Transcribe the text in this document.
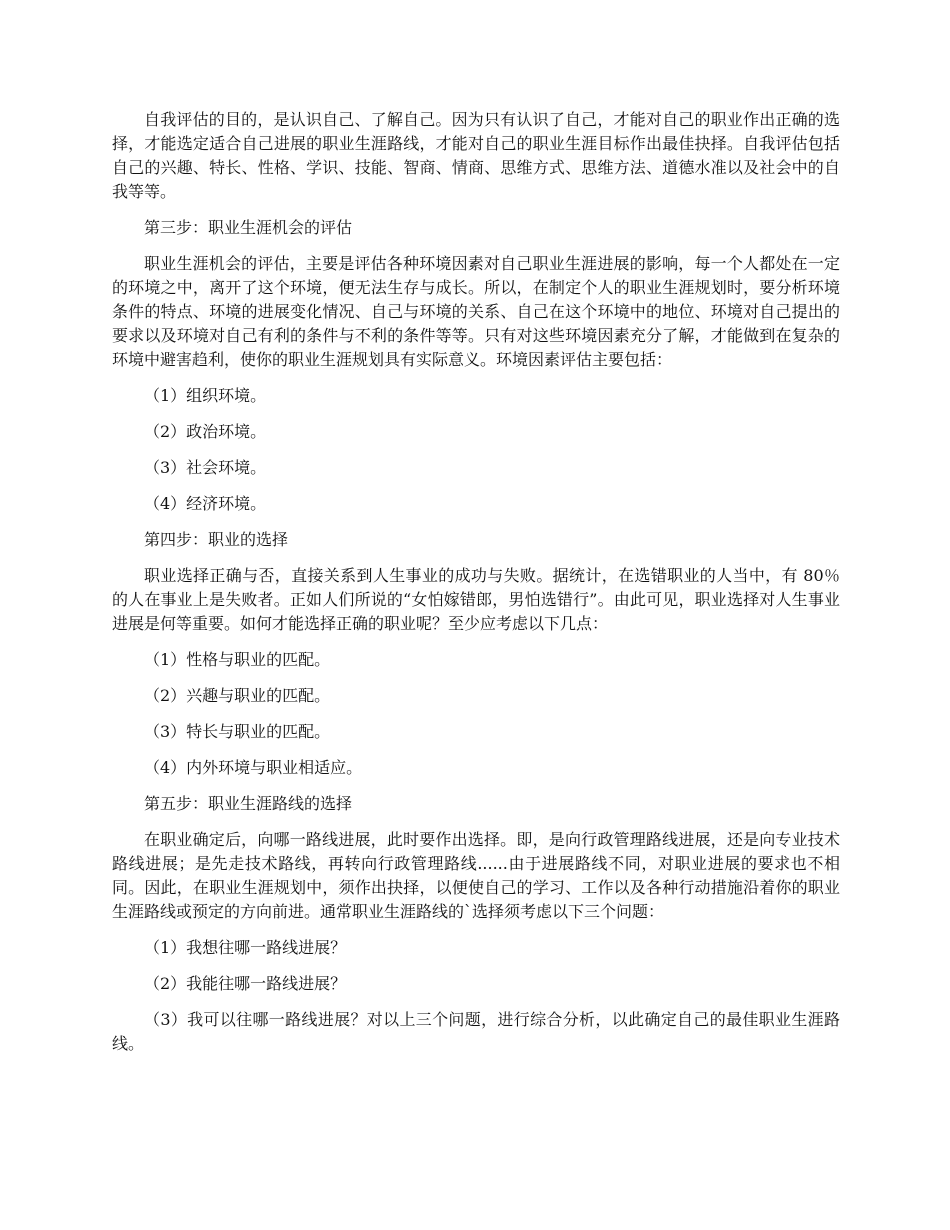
自我评估的目的，是认识自己、了解自己。因为只有认识了自己，才能对自己的职业作出正确的选择，才能选定适合自己进展的职业生涯路线，才能对自己的职业生涯目标作出最佳抉择。自我评估包括自己的兴趣、特长、性格、学识、技能、智商、情商、思维方式、思维方法、道德水准以及社会中的自我等等。

第三步：职业生涯机会的评估

职业生涯机会的评估，主要是评估各种环境因素对自己职业生涯进展的影响，每一个人都处在一定的环境之中，离开了这个环境，便无法生存与成长。所以，在制定个人的职业生涯规划时，要分析环境条件的特点、环境的进展变化情况、自己与环境的关系、自己在这个环境中的地位、环境对自己提出的要求以及环境对自己有利的条件与不利的条件等等。只有对这些环境因素充分了解，才能做到在复杂的环境中避害趋利，使你的职业生涯规划具有实际意义。环境因素评估主要包括：

（1）组织环境。

（2）政治环境。

（3）社会环境。

（4）经济环境。

第四步：职业的选择

职业选择正确与否，直接关系到人生事业的成功与失败。据统计，在选错职业的人当中，有 80％的人在事业上是失败者。正如人们所说的“女怕嫁错郎，男怕选错行”。由此可见，职业选择对人生事业进展是何等重要。如何才能选择正确的职业呢？至少应考虑以下几点：

（1）性格与职业的匹配。

（2）兴趣与职业的匹配。

（3）特长与职业的匹配。

（4）内外环境与职业相适应。

第五步：职业生涯路线的选择

在职业确定后，向哪一路线进展，此时要作出选择。即，是向行政管理路线进展，还是向专业技术路线进展；是先走技术路线，再转向行政管理路线......由于进展路线不同，对职业进展的要求也不相同。因此，在职业生涯规划中，须作出抉择，以便使自己的学习、工作以及各种行动措施沿着你的职业生涯路线或预定的方向前进。通常职业生涯路线的`选择须考虑以下三个问题：

（1）我想往哪一路线进展？

（2）我能往哪一路线进展？

（3）我可以往哪一路线进展？对以上三个问题，进行综合分析，以此确定自己的最佳职业生涯路线。
